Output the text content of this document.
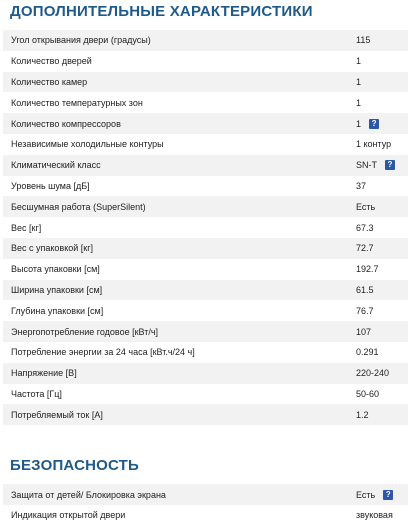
ДОПОЛНИТЕЛЬНЫЕ ХАРАКТЕРИСТИКИ
Угол открывания двери (градусы)	115
Количество дверей	1
Количество камер	1
Количество температурных зон	1
Количество компрессоров	1	?
Независимые холодильные контуры	1 контур
Климатический класс	SN-T	?
Уровень шума [дБ]	37
Бесшумная работа (SuperSilent)	Есть
Вес [кг]	67.3
Вес с упаковкой [кг]	72.7
Высота упаковки [см]	192.7
Ширина упаковки [см]	61.5
Глубина упаковки [см]	76.7
Энергопотребление годовое [кВт/ч]	107
Потребление энергии за 24 часа [кВт.ч/24 ч]	0.291
Напряжение [В]	220-240
Частота [Гц]	50-60
Потребляемый ток [А]	1.2
БЕЗОПАСНОСТЬ
Защита от детей/ Блокировка экрана	Есть	?
Индикация открытой двери	звуковая
